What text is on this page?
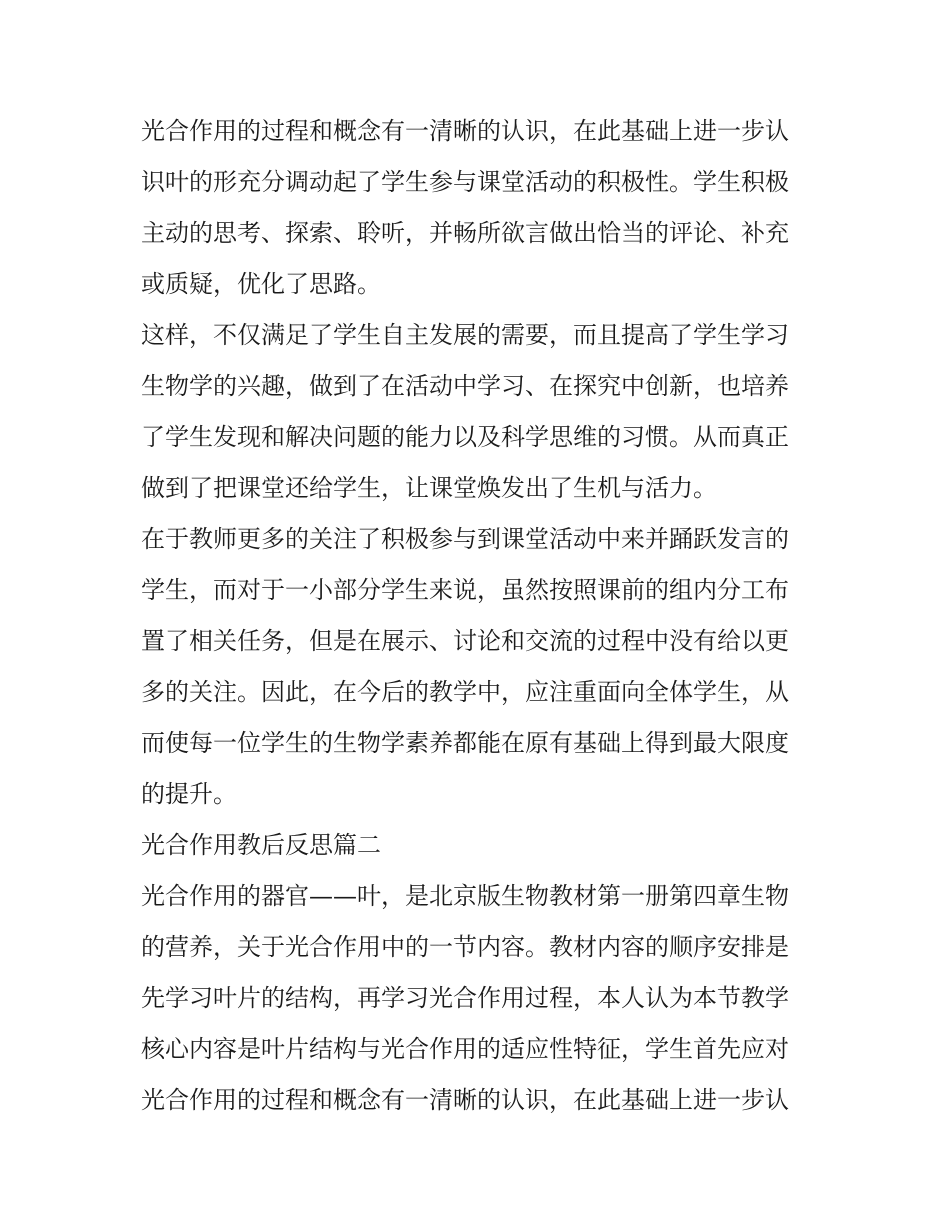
光合作用的过程和概念有一清晰的认识，在此基础上进一步认
识叶的形充分调动起了学生参与课堂活动的积极性。学生积极
主动的思考、探索、聆听，并畅所欲言做出恰当的评论、补充
或质疑，优化了思路。
这样，不仅满足了学生自主发展的需要，而且提高了学生学习
生物学的兴趣，做到了在活动中学习、在探究中创新，也培养
了学生发现和解决问题的能力以及科学思维的习惯。从而真正
做到了把课堂还给学生，让课堂焕发出了生机与活力。
在于教师更多的关注了积极参与到课堂活动中来并踊跃发言的
学生，而对于一小部分学生来说，虽然按照课前的组内分工布
置了相关任务，但是在展示、讨论和交流的过程中没有给以更
多的关注。因此，在今后的教学中，应注重面向全体学生，从
而使每一位学生的生物学素养都能在原有基础上得到最大限度
的提升。
光合作用教后反思篇二
光合作用的器官——叶，是北京版生物教材第一册第四章生物
的营养，关于光合作用中的一节内容。教材内容的顺序安排是
先学习叶片的结构，再学习光合作用过程，本人认为本节教学
核心内容是叶片结构与光合作用的适应性特征，学生首先应对
光合作用的过程和概念有一清晰的认识，在此基础上进一步认
